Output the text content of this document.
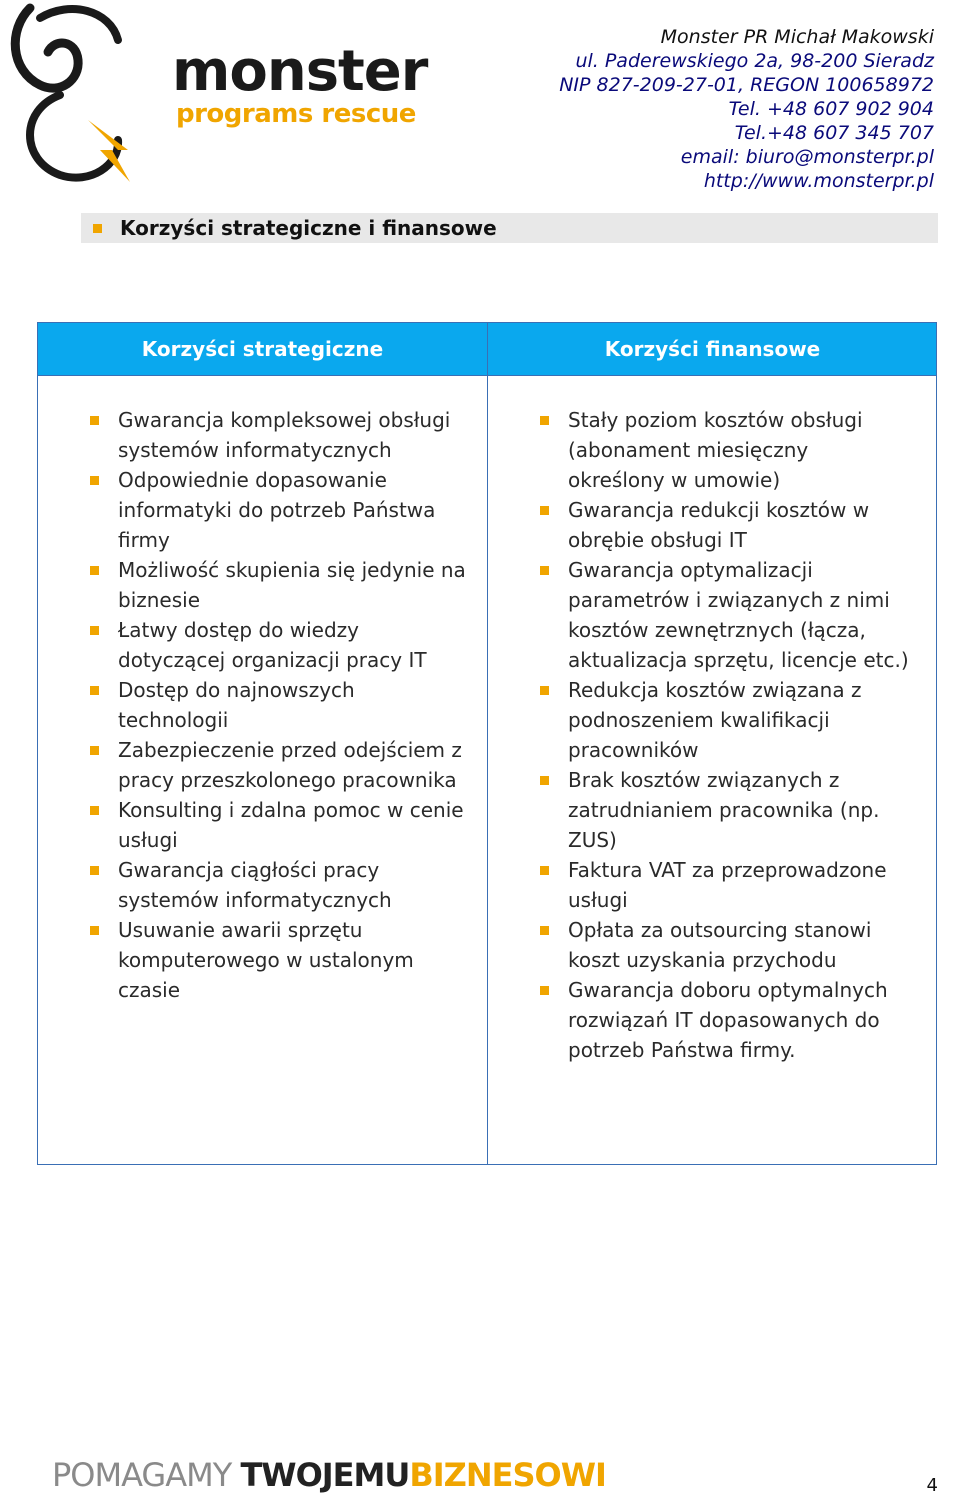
monster
programs rescue
Monster PR Michał Makowski
ul. Paderewskiego 2a, 98-200 Sieradz
NIP 827-209-27-01, REGON 100658972
Tel. +48 607 902 904
Tel.+48 607 345 707
email: biuro@monsterpr.pl
http://www.monsterpr.pl
Korzyści strategiczne i finansowe
Korzyści strategiczne	Korzyści finansowe
Gwarancja kompleksowej obsługi systemów informatycznych
Odpowiednie dopasowanie informatyki do potrzeb Państwa firmy
Możliwość skupienia się jedynie na biznesie
Łatwy dostęp do wiedzy dotyczącej organizacji pracy IT
Dostęp do najnowszych technologii
Zabezpieczenie przed odejściem z pracy przeszkolonego pracownika
Konsulting i zdalna pomoc w cenie usługi
Gwarancja ciągłości pracy systemów informatycznych
Usuwanie awarii sprzętu komputerowego w ustalonym czasie
Stały poziom kosztów obsługi (abonament miesięczny określony w umowie)
Gwarancja redukcji kosztów w obrębie obsługi IT
Gwarancja optymalizacji parametrów i związanych z nimi kosztów zewnętrznych (łącza, aktualizacja sprzętu, licencje etc.)
Redukcja kosztów związana z podnoszeniem kwalifikacji pracowników
Brak kosztów związanych z zatrudnianiem pracownika (np. ZUS)
Faktura VAT za przeprowadzone usługi
Opłata za outsourcing stanowi koszt uzyskania przychodu
Gwarancja doboru optymalnych rozwiązań IT dopasowanych do potrzeb Państwa firmy.
POMAGAMY TWOJEMUBIZNESOWI	4
